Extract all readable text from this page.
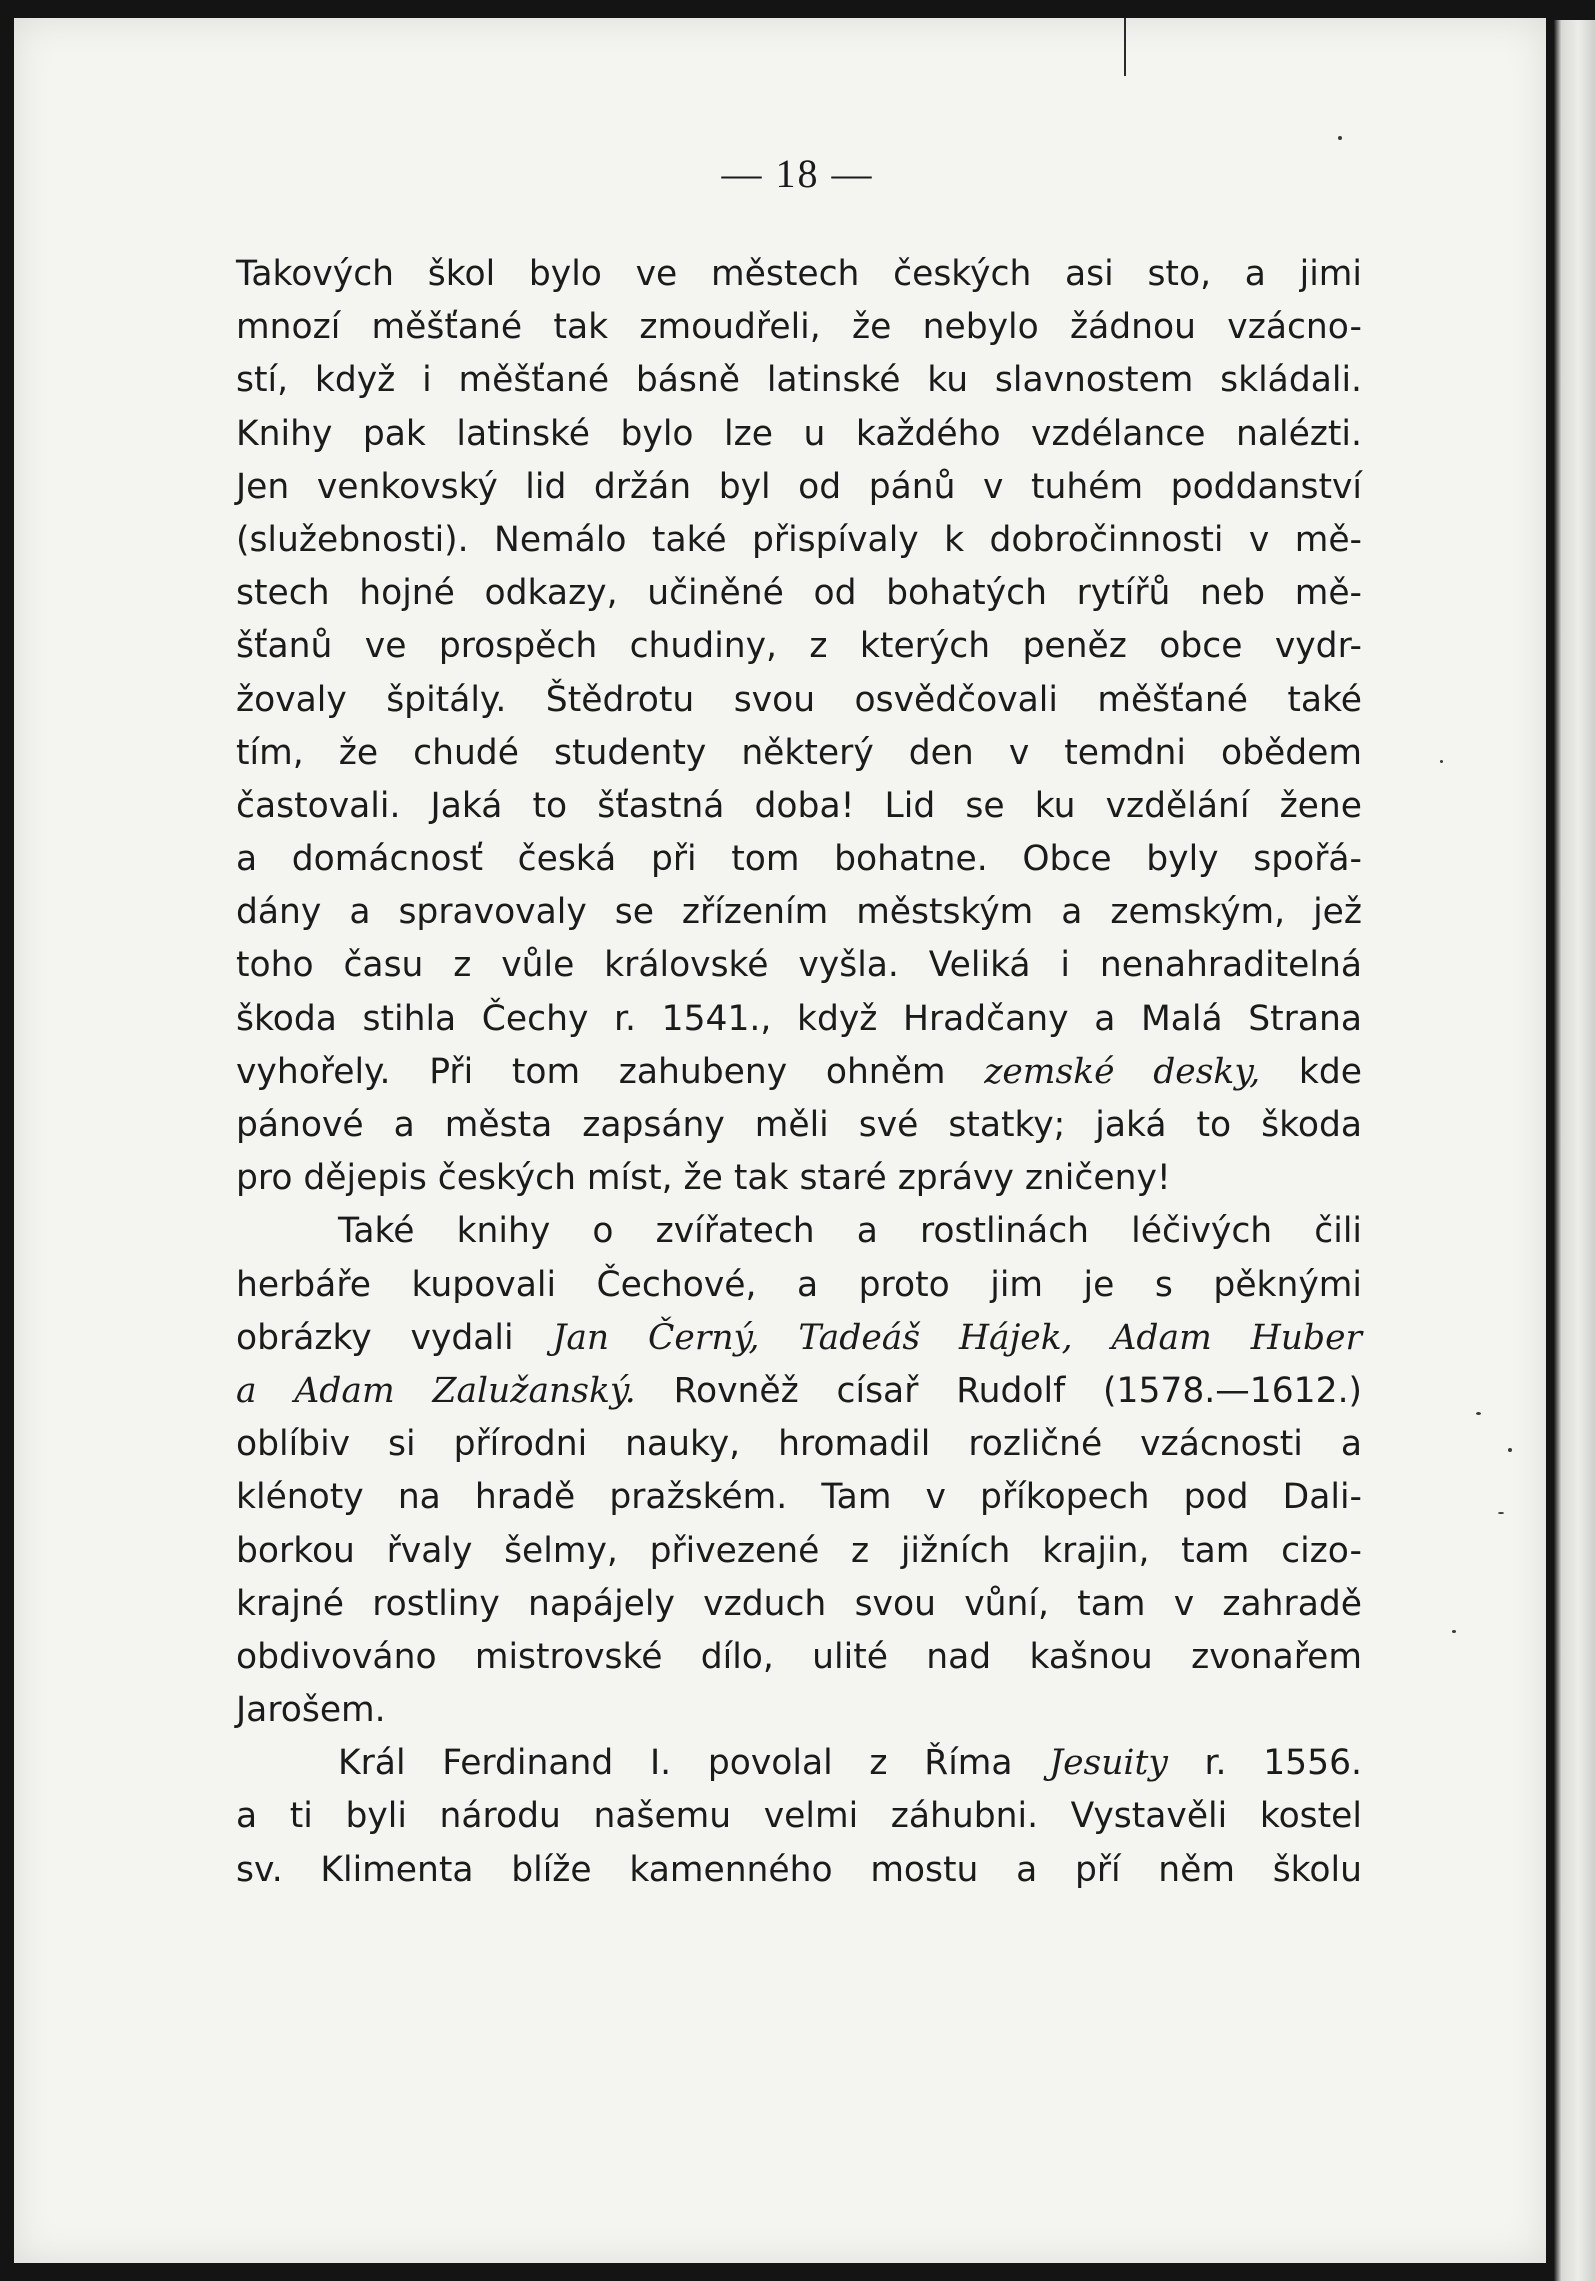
— 18 —
Takových škol bylo ve městech českých asi sto, a jimi
mnozí měšťané tak zmoudřeli, že nebylo žádnou vzácno-
stí, když i měšťané básně latinské ku slavnostem skládali.
Knihy pak latinské bylo lze u každého vzdélance nalézti.
Jen venkovský lid držán byl od pánů v tuhém poddanství
(služebnosti). Nemálo také přispívaly k dobročinnosti v mě-
stech hojné odkazy, učiněné od bohatých rytířů neb mě-
šťanů ve prospěch chudiny, z kterých peněz obce vydr-
žovaly špitály. Štědrotu svou osvědčovali měšťané také
tím, že chudé studenty některý den v temdni obědem
častovali. Jaká to šťastná doba! Lid se ku vzdělání žene
a domácnosť česká při tom bohatne. Obce byly spořá-
dány a spravovaly se zřízením městským a zemským, jež
toho času z vůle královské vyšla. Veliká i nenahraditelná
škoda stihla Čechy r. 1541., když Hradčany a Malá Strana
vyhořely. Při tom zahubeny ohněm zemské desky, kde
pánové a města zapsány měli své statky; jaká to škoda
pro dějepis českých míst, že tak staré zprávy zničeny!
Také knihy o zvířatech a rostlinách léčivých čili
herbáře kupovali Čechové, a proto jim je s pěknými
obrázky vydali Jan Černý, Tadeáš Hájek, Adam Huber
a Adam Zalužanský. Rovněž císař Rudolf (1578.—1612.)
oblíbiv si přírodni nauky, hromadil rozličné vzácnosti a
klénoty na hradě pražském. Tam v příkopech pod Dali-
borkou řvaly šelmy, přivezené z jižních krajin, tam cizo-
krajné rostliny napájely vzduch svou vůní, tam v zahradě
obdivováno mistrovské dílo, ulité nad kašnou zvonařem
Jarošem.
Král Ferdinand I. povolal z Říma Jesuity r. 1556.
a ti byli národu našemu velmi záhubni. Vystavěli kostel
sv. Klimenta blíže kamenného mostu a pří něm školu
